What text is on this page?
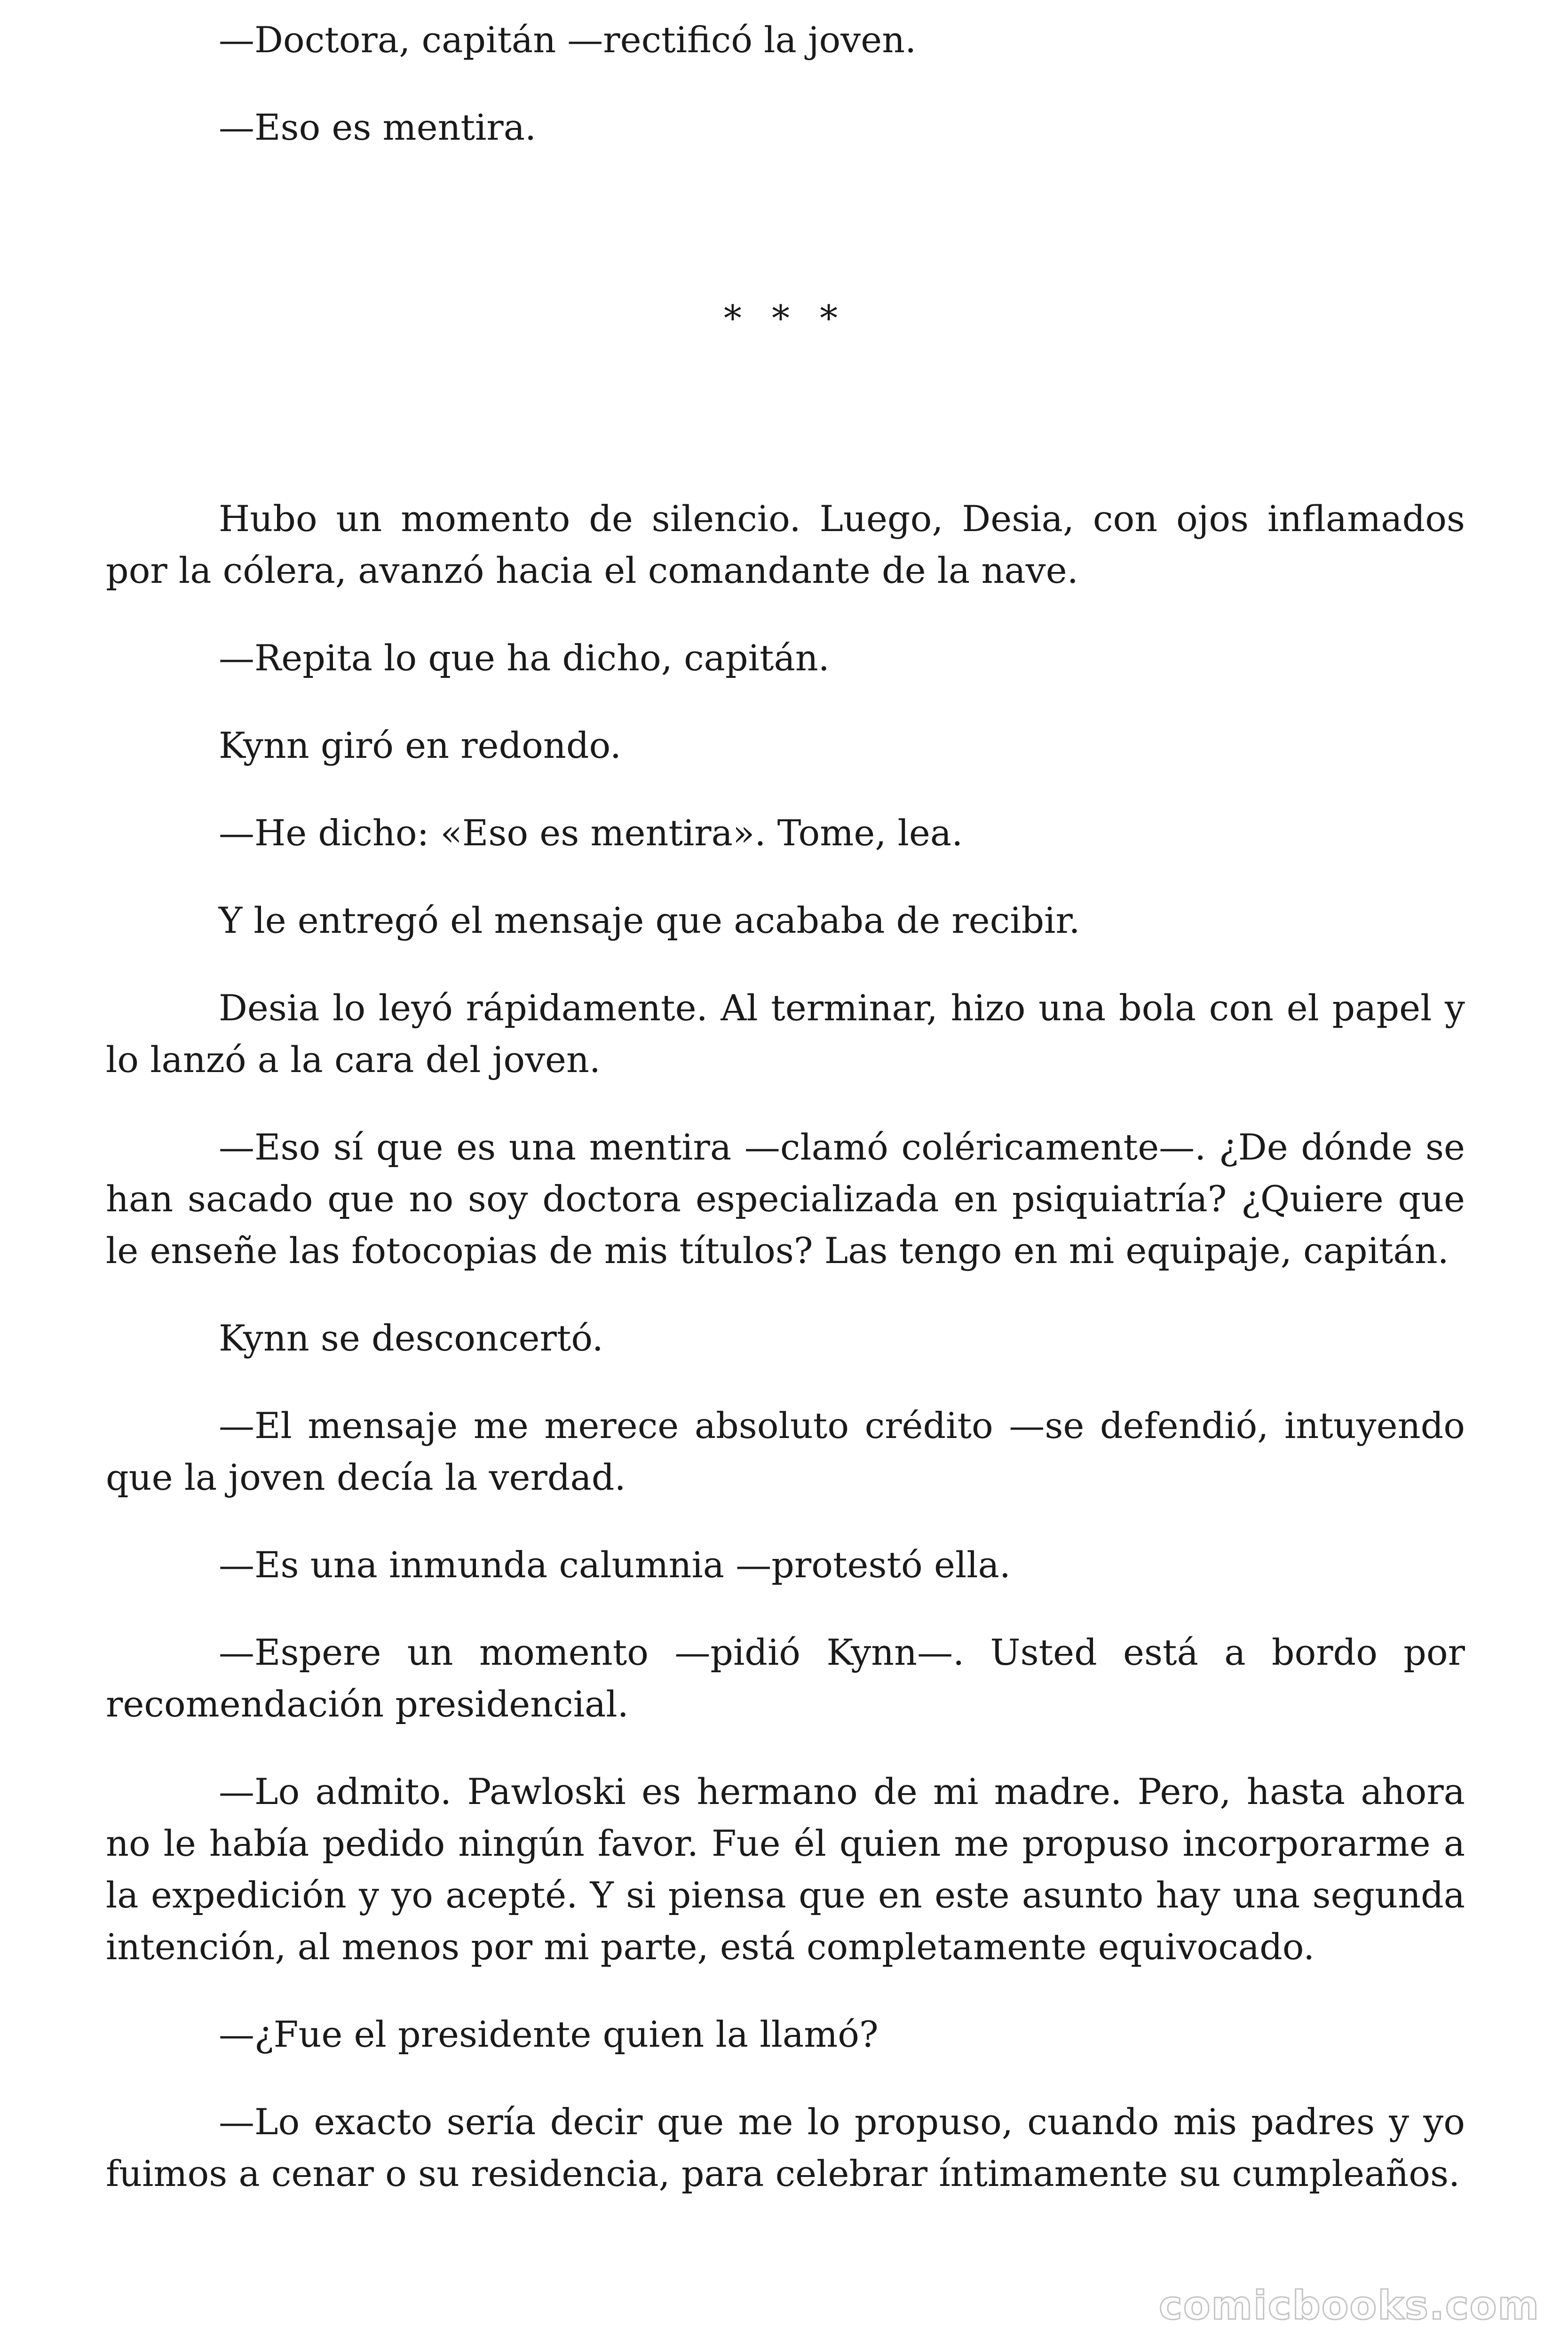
—Doctora, capitán —rectificó la joven.

—Eso es mentira.

* * *

Hubo un momento de silencio. Luego, Desia, con ojos inflamados por la cólera, avanzó hacia el comandante de la nave.

—Repita lo que ha dicho, capitán.

Kynn giró en redondo.

—He dicho: «Eso es mentira». Tome, lea.

Y le entregó el mensaje que acababa de recibir.

Desia lo leyó rápidamente. Al terminar, hizo una bola con el papel y lo lanzó a la cara del joven.

—Eso sí que es una mentira —clamó coléricamente—. ¿De dónde se han sacado que no soy doctora especializada en psiquiatría? ¿Quiere que le enseñe las fotocopias de mis títulos? Las tengo en mi equipaje, capitán.

Kynn se desconcertó.

—El mensaje me merece absoluto crédito —se defendió, intuyendo que la joven decía la verdad.

—Es una inmunda calumnia —protestó ella.

—Espere un momento —pidió Kynn—. Usted está a bordo por recomendación presidencial.

—Lo admito. Pawloski es hermano de mi madre. Pero, hasta ahora no le había pedido ningún favor. Fue él quien me propuso incorporarme a la expedición y yo acepté. Y si piensa que en este asunto hay una segunda intención, al menos por mi parte, está completamente equivocado.

—¿Fue el presidente quien la llamó?

—Lo exacto sería decir que me lo propuso, cuando mis padres y yo fuimos a cenar o su residencia, para celebrar íntimamente su cumpleaños.

comicbooks.com
